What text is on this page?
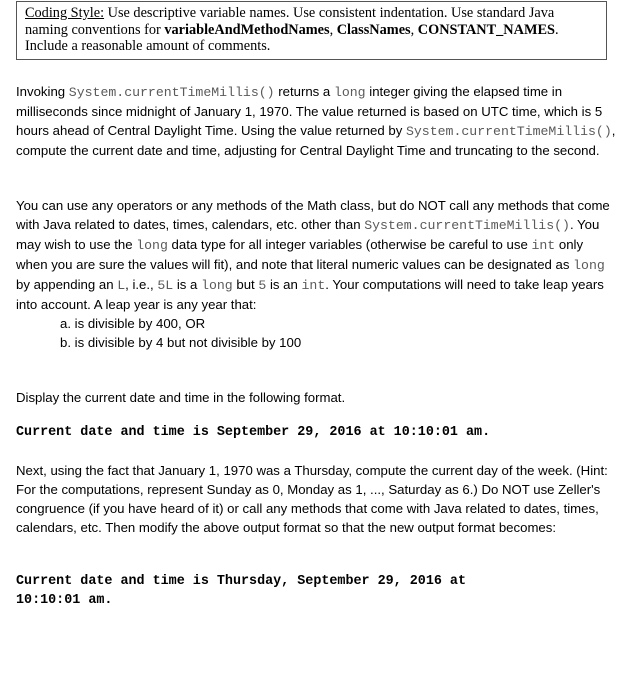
Coding Style: Use descriptive variable names. Use consistent indentation. Use standard Java naming conventions for variableAndMethodNames, ClassNames, CONSTANT_NAMES. Include a reasonable amount of comments.

Invoking System.currentTimeMillis() returns a long integer giving the elapsed time in milliseconds since midnight of January 1, 1970. The value returned is based on UTC time, which is 5 hours ahead of Central Daylight Time. Using the value returned by System.currentTimeMillis(), compute the current date and time, adjusting for Central Daylight Time and truncating to the second.

You can use any operators or any methods of the Math class, but do NOT call any methods that come with Java related to dates, times, calendars, etc. other than System.currentTimeMillis(). You may wish to use the long data type for all integer variables (otherwise be careful to use int only when you are sure the values will fit), and note that literal numeric values can be designated as long by appending an L, i.e., 5L is a long but 5 is an int. Your computations will need to take leap years into account. A leap year is any year that:
a. is divisible by 400, OR
b. is divisible by 4 but not divisible by 100

Display the current date and time in the following format.

Current date and time is September 29, 2016 at 10:10:01 am.

Next, using the fact that January 1, 1970 was a Thursday, compute the current day of the week. (Hint: For the computations, represent Sunday as 0, Monday as 1, ..., Saturday as 6.) Do NOT use Zeller's congruence (if you have heard of it) or call any methods that come with Java related to dates, times, calendars, etc. Then modify the above output format so that the new output format becomes:

Current date and time is Thursday, September 29, 2016 at

10:10:01 am.
